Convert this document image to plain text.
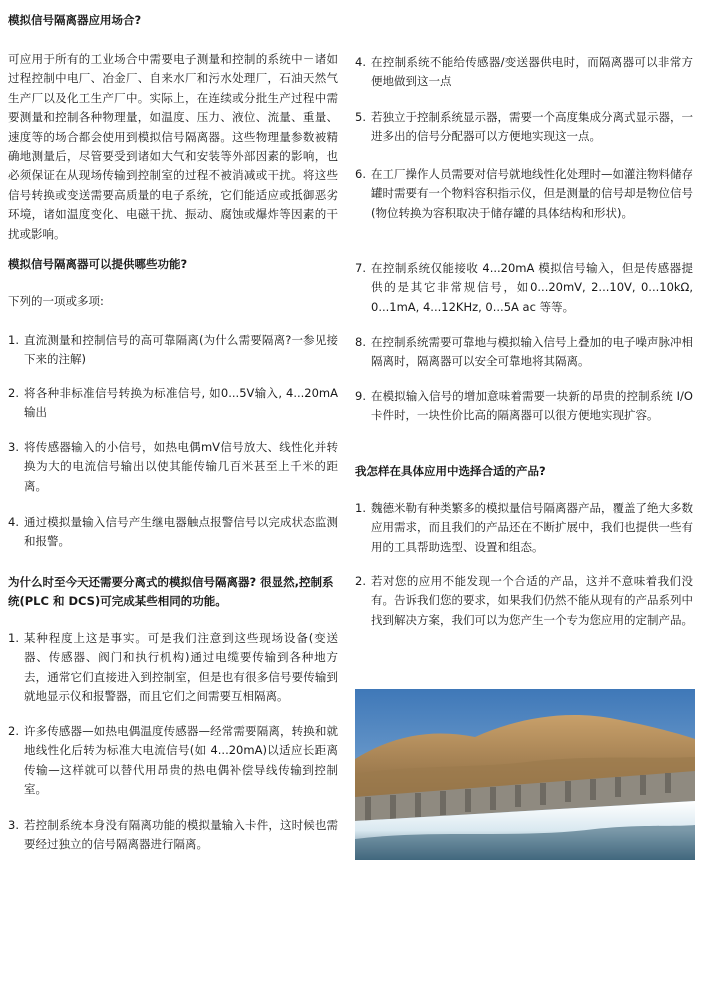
模拟信号隔离器应用场合?
可应用于所有的工业场合中需要电子测量和控制的系统中－诸如过程控制中电厂、冶金厂、自来水厂和污水处理厂，石油天然气生产厂以及化工生产厂中。实际上，在连续或分批生产过程中需要测量和控制各种物理量，如温度、压力、液位、流量、重量、速度等的场合都会使用到模拟信号隔离器。这些物理量参数被精确地测量后，尽管要受到诸如大气和安装等外部因素的影响，也必须保证在从现场传输到控制室的过程不被消减或干扰。将这些信号转换或变送需要高质量的电子系统，它们能适应或抵御恶劣环境，诸如温度变化、电磁干扰、振动、腐蚀或爆炸等因素的干扰或影响。
模拟信号隔离器可以提供哪些功能?
下列的一项或多项:
1. 直流测量和控制信号的高可靠隔离(为什么需要隔离?一参见接下来的注解)
2. 将各种非标准信号转换为标准信号, 如0...5V输入, 4...20mA输出
3. 将传感器输入的小信号，如热电偶mV信号放大、线性化并转换为大的电流信号输出以使其能传输几百米甚至上千米的距离。
4. 通过模拟量输入信号产生继电器触点报警信号以完成状态监测和报警。
为什么时至今天还需要分离式的模拟信号隔离器? 很显然,控制系统(PLC 和 DCS)可完成某些相同的功能。
1. 某种程度上这是事实。可是我们注意到这些现场设备(变送器、传感器、阀门和执行机构)通过电缆要传输到各种地方去，通常它们直接进入到控制室，但是也有很多信号要传输到就地显示仪和报警器，而且它们之间需要互相隔离。
2. 许多传感器—如热电偶温度传感器—经常需要隔离，转换和就地线性化后转为标准大电流信号(如 4...20mA)以适应长距离传输—这样就可以替代用昂贵的热电偶补偿导线传输到控制室。
3. 若控制系统本身没有隔离功能的模拟量输入卡件，这时候也需要经过独立的信号隔离器进行隔离。
4. 在控制系统不能给传感器/变送器供电时，而隔离器可以非常方便地做到这一点
5. 若独立于控制系统显示器，需要一个高度集成分离式显示器，一进多出的信号分配器可以方便地实现这一点。
6. 在工厂操作人员需要对信号就地线性化处理时—如灌注物料储存罐时需要有一个物料容积指示仪，但是测量的信号却是物位信号(物位转换为容积取决于储存罐的具体结构和形状)。
7. 在控制系统仅能接收 4...20mA 模拟信号输入，但是传感器提供的是其它非常规信号，如0...20mV, 2...10V, 0...10kΩ, 0...1mA, 4...12KHz, 0...5A ac 等等。
8. 在控制系统需要可靠地与模拟输入信号上叠加的电子噪声脉冲相隔离时，隔离器可以安全可靠地将其隔离。
9. 在模拟输入信号的增加意味着需要一块新的昂贵的控制系统 I/O 卡件时，一块性价比高的隔离器可以很方便地实现扩容。
我怎样在具体应用中选择合适的产品?
1. 魏德米勒有种类繁多的模拟量信号隔离器产品，覆盖了绝大多数应用需求，而且我们的产品还在不断扩展中，我们也提供一些有用的工具帮助选型、设置和组态。
2. 若对您的应用不能发现一个合适的产品，这并不意味着我们没有。告诉我们您的要求，如果我们仍然不能从现有的产品系列中找到解决方案，我们可以为您产生一个专为您应用的定制产品。
